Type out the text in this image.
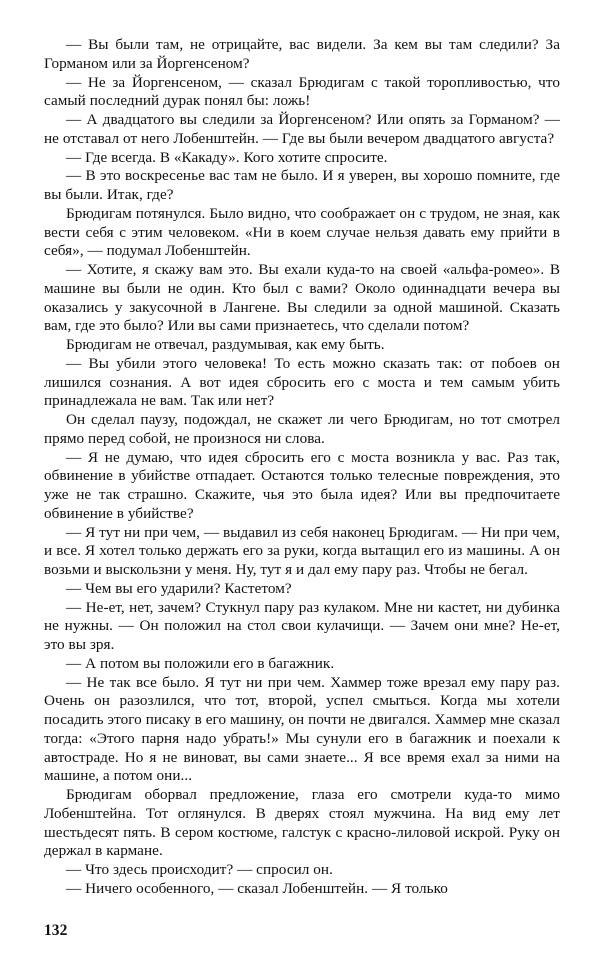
— Вы были там, не отрицайте, вас видели. За кем вы там следили? За Горманом или за Йоргенсеном?

— Не за Йоргенсеном, — сказал Брюдигам с такой торопливостью, что самый последний дурак понял бы: ложь!

— А двадцатого вы следили за Йоргенсеном? Или опять за Горманом? — не отставал от него Лобенштейн. — Где вы были вечером двадцатого августа?

— Где всегда. В «Какаду». Кого хотите спросите.

— В это воскресенье вас там не было. И я уверен, вы хорошо помните, где вы были. Итак, где?

Брюдигам потянулся. Было видно, что соображает он с трудом, не зная, как вести себя с этим человеком. «Ни в коем случае нельзя давать ему прийти в себя», — подумал Лобенштейн.

— Хотите, я скажу вам это. Вы ехали куда-то на своей «альфа-ромео». В машине вы были не один. Кто был с вами? Около одиннадцати вечера вы оказались у закусочной в Лангене. Вы следили за одной машиной. Сказать вам, где это было? Или вы сами признаетесь, что сделали потом?

Брюдигам не отвечал, раздумывая, как ему быть.

— Вы убили этого человека! То есть можно сказать так: от побоев он лишился сознания. А вот идея сбросить его с моста и тем самым убить принадлежала не вам. Так или нет?

Он сделал паузу, подождал, не скажет ли чего Брюдигам, но тот смотрел прямо перед собой, не произнося ни слова.

— Я не думаю, что идея сбросить его с моста возникла у вас. Раз так, обвинение в убийстве отпадает. Остаются только телесные повреждения, это уже не так страшно. Скажите, чья это была идея? Или вы предпочитаете обвинение в убийстве?

— Я тут ни при чем, — выдавил из себя наконец Брюдигам. — Ни при чем, и все. Я хотел только держать его за руки, когда вытащил его из машины. А он возьми и выскользни у меня. Ну, тут я и дал ему пару раз. Чтобы не бегал.

— Чем вы его ударили? Кастетом?

— Не-ет, нет, зачем? Стукнул пару раз кулаком. Мне ни кастет, ни дубинка не нужны. — Он положил на стол свои кулачищи. — Зачем они мне? Не-ет, это вы зря.

— А потом вы положили его в багажник.

— Не так все было. Я тут ни при чем. Хаммер тоже врезал ему пару раз. Очень он разозлился, что тот, второй, успел смыться. Когда мы хотели посадить этого писаку в его машину, он почти не двигался. Хаммер мне сказал тогда: «Этого парня надо убрать!» Мы сунули его в багажник и поехали к автостраде. Но я не виноват, вы сами знаете... Я все время ехал за ними на машине, а потом они...

Брюдигам оборвал предложение, глаза его смотрели куда-то мимо Лобенштейна. Тот оглянулся. В дверях стоял мужчина. На вид ему лет шестьдесят пять. В сером костюме, галстук с красно-лиловой искрой. Руку он держал в кармане.

— Что здесь происходит? — спросил он.

— Ничего особенного, — сказал Лобенштейн. — Я только

132
